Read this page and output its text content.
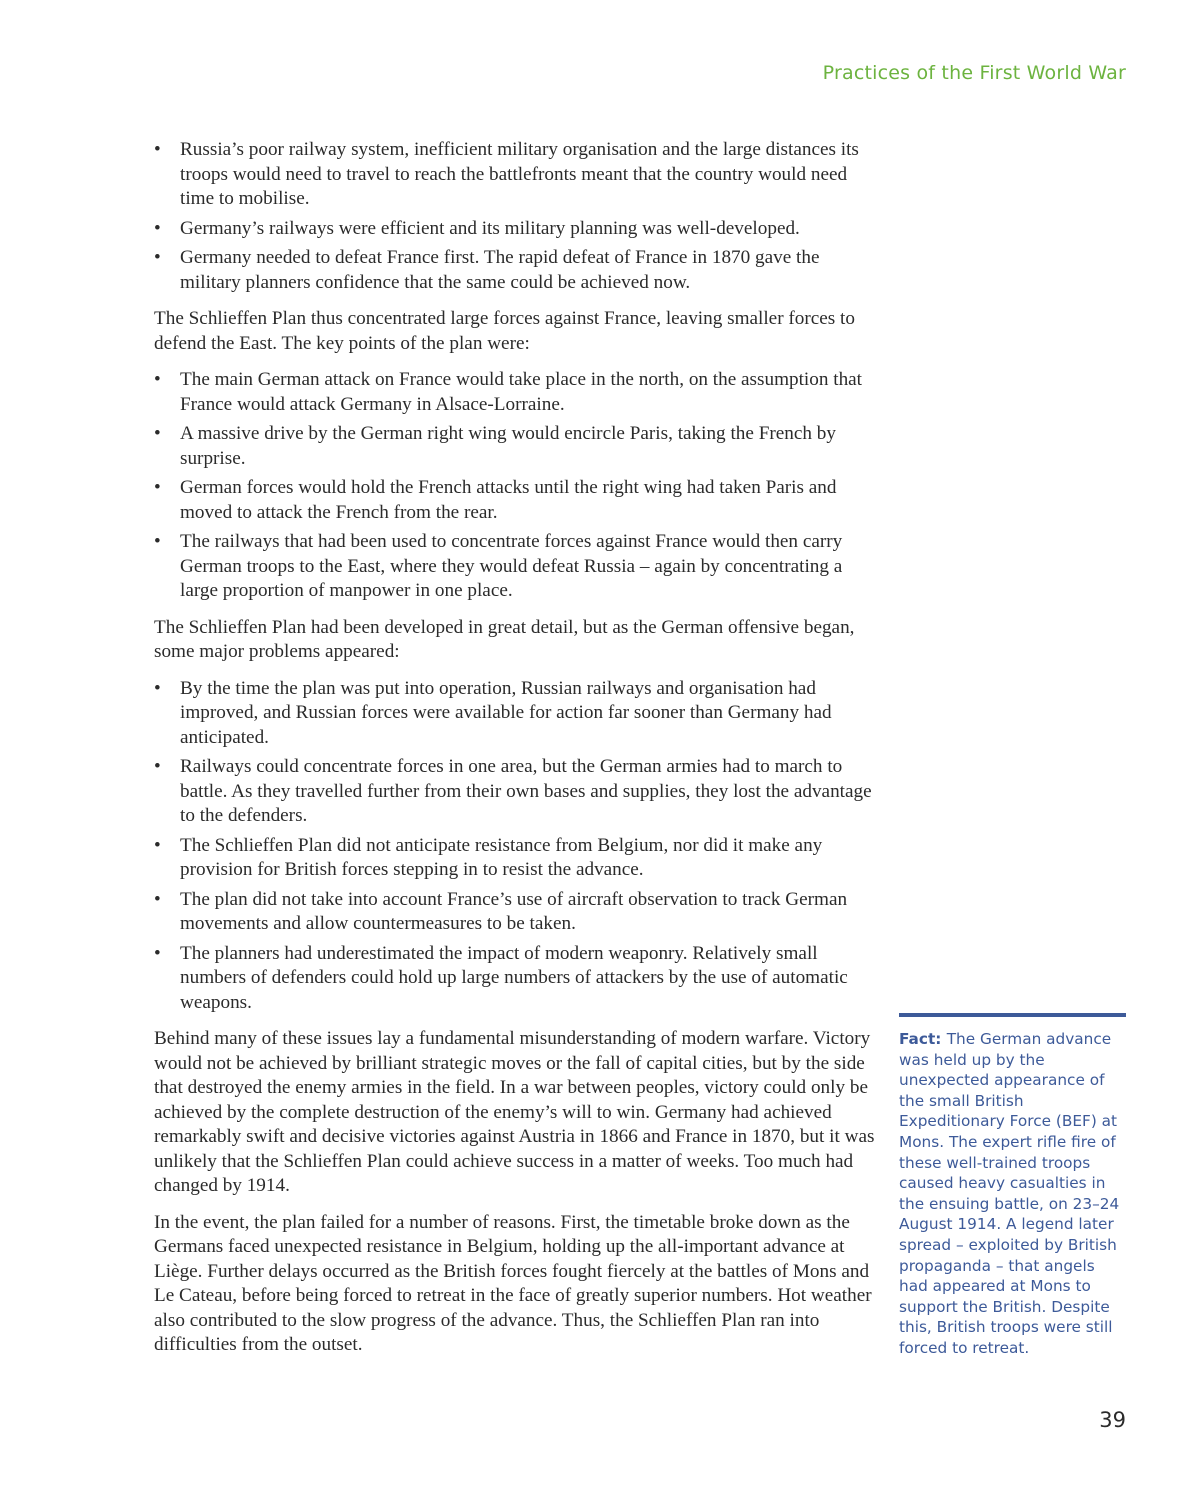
Practices of the First World War
• Russia’s poor railway system, inefficient military organisation and the large distances its troops would need to travel to reach the battlefronts meant that the country would need time to mobilise.
• Germany’s railways were efficient and its military planning was well-developed.
• Germany needed to defeat France first. The rapid defeat of France in 1870 gave the military planners confidence that the same could be achieved now.

The Schlieffen Plan thus concentrated large forces against France, leaving smaller forces to defend the East. The key points of the plan were:

• The main German attack on France would take place in the north, on the assumption that France would attack Germany in Alsace-Lorraine.
• A massive drive by the German right wing would encircle Paris, taking the French by surprise.
• German forces would hold the French attacks until the right wing had taken Paris and moved to attack the French from the rear.
• The railways that had been used to concentrate forces against France would then carry German troops to the East, where they would defeat Russia – again by concentrating a large proportion of manpower in one place.

The Schlieffen Plan had been developed in great detail, but as the German offensive began, some major problems appeared:

• By the time the plan was put into operation, Russian railways and organisation had improved, and Russian forces were available for action far sooner than Germany had anticipated.
• Railways could concentrate forces in one area, but the German armies had to march to battle. As they travelled further from their own bases and supplies, they lost the advantage to the defenders.
• The Schlieffen Plan did not anticipate resistance from Belgium, nor did it make any provision for British forces stepping in to resist the advance.
• The plan did not take into account France’s use of aircraft observation to track German movements and allow countermeasures to be taken.
• The planners had underestimated the impact of modern weaponry. Relatively small numbers of defenders could hold up large numbers of attackers by the use of automatic weapons.

Behind many of these issues lay a fundamental misunderstanding of modern warfare. Victory would not be achieved by brilliant strategic moves or the fall of capital cities, but by the side that destroyed the enemy armies in the field. In a war between peoples, victory could only be achieved by the complete destruction of the enemy’s will to win. Germany had achieved remarkably swift and decisive victories against Austria in 1866 and France in 1870, but it was unlikely that the Schlieffen Plan could achieve success in a matter of weeks. Too much had changed by 1914.

In the event, the plan failed for a number of reasons. First, the timetable broke down as the Germans faced unexpected resistance in Belgium, holding up the all-important advance at Liège. Further delays occurred as the British forces fought fiercely at the battles of Mons and Le Cateau, before being forced to retreat in the face of greatly superior numbers. Hot weather also contributed to the slow progress of the advance. Thus, the Schlieffen Plan ran into difficulties from the outset.

Fact: The German advance was held up by the unexpected appearance of the small British Expeditionary Force (BEF) at Mons. The expert rifle fire of these well-trained troops caused heavy casualties in the ensuing battle, on 23–24 August 1914. A legend later spread – exploited by British propaganda – that angels had appeared at Mons to support the British. Despite this, British troops were still forced to retreat.
39
